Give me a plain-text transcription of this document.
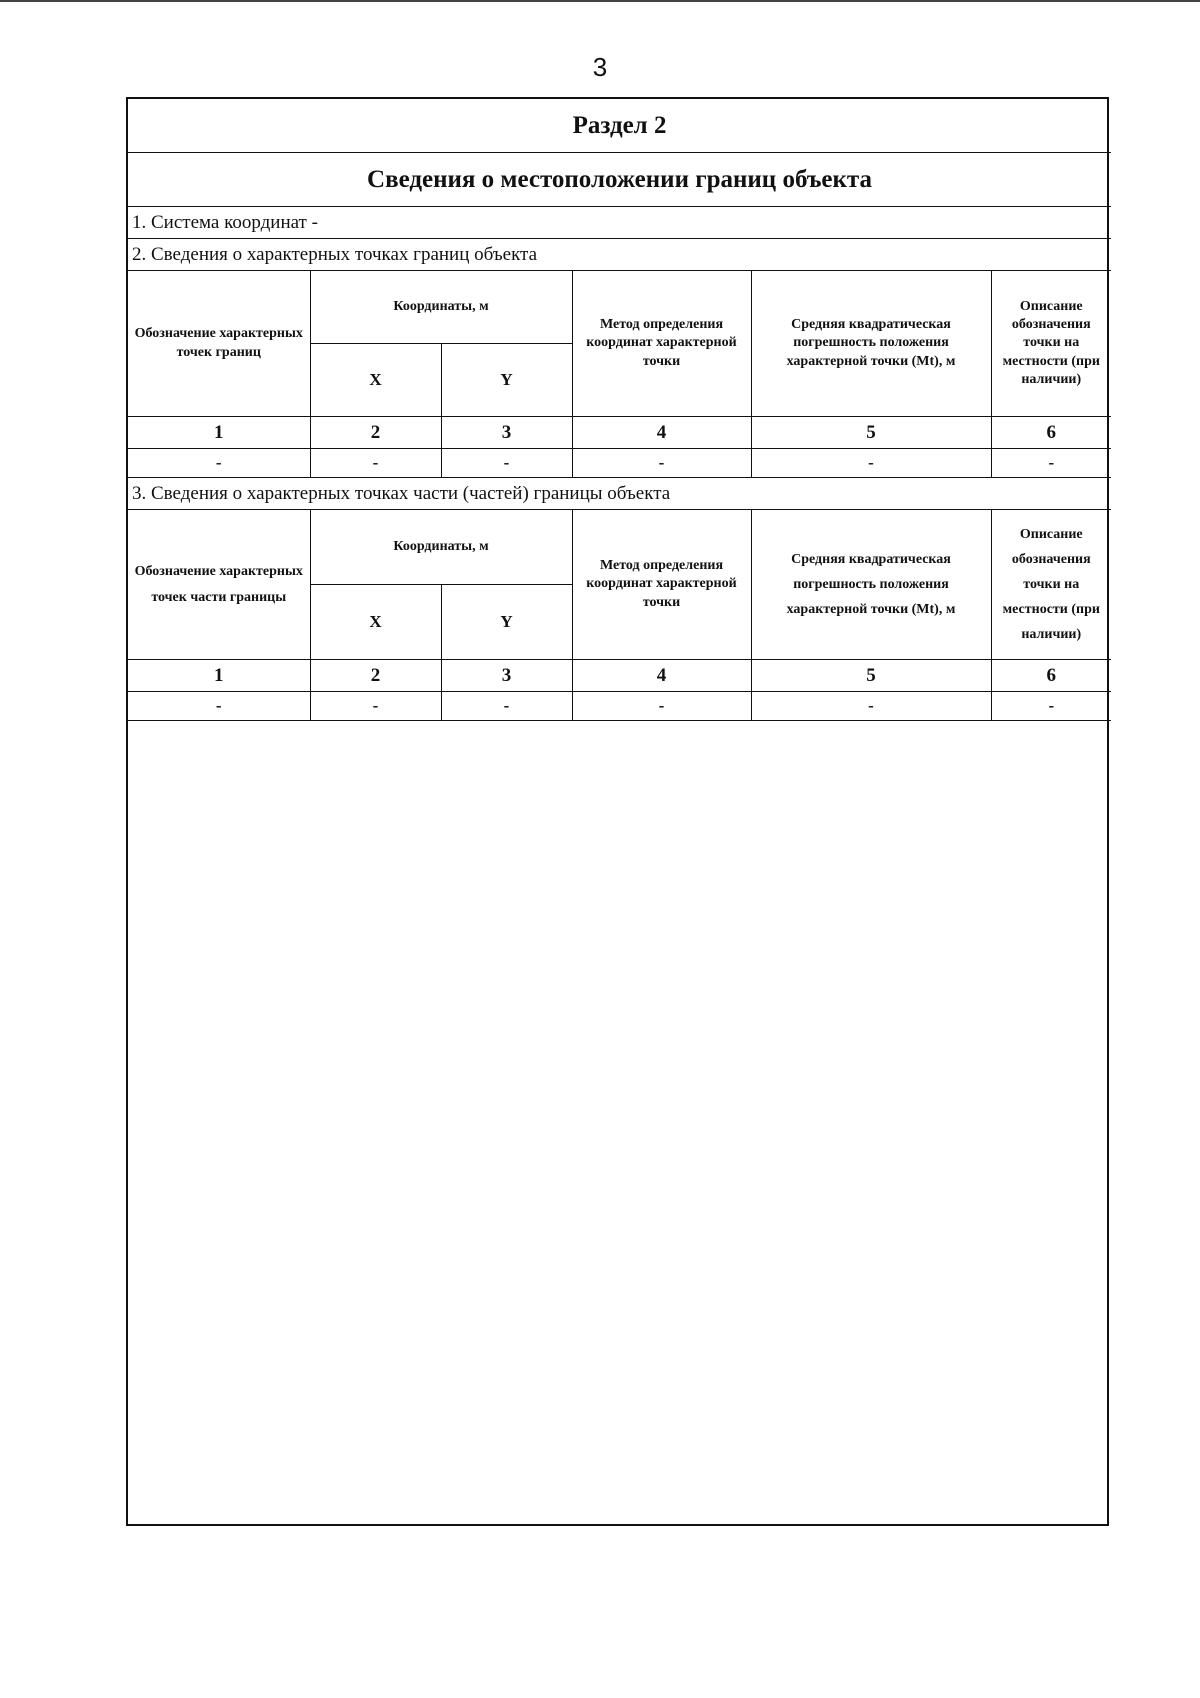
3
Раздел 2					
Сведения о местоположении границ объекта					
1. Система координат -					
2. Сведения о характерных точках границ объекта					
Обозначение характерных точек границ	Координаты, м		Метод определения координат характерной точки	Средняя квадратическая погрешность положения характерной точки (Mt), м	Описание обозначения точки на местности (при наличии)
	X	Y			
1	2	3	4	5	6
-	-	-	-	-	-
3. Сведения о характерных точках части (частей) границы объекта					
Обозначение характерных точек части границы	Координаты, м		Метод определения координат характерной точки	Средняя квадратическая погрешность положения характерной точки (Mt), м	Описание обозначения точки на местности (при наличии)
	X	Y			
1	2	3	4	5	6
-	-	-	-	-	-
